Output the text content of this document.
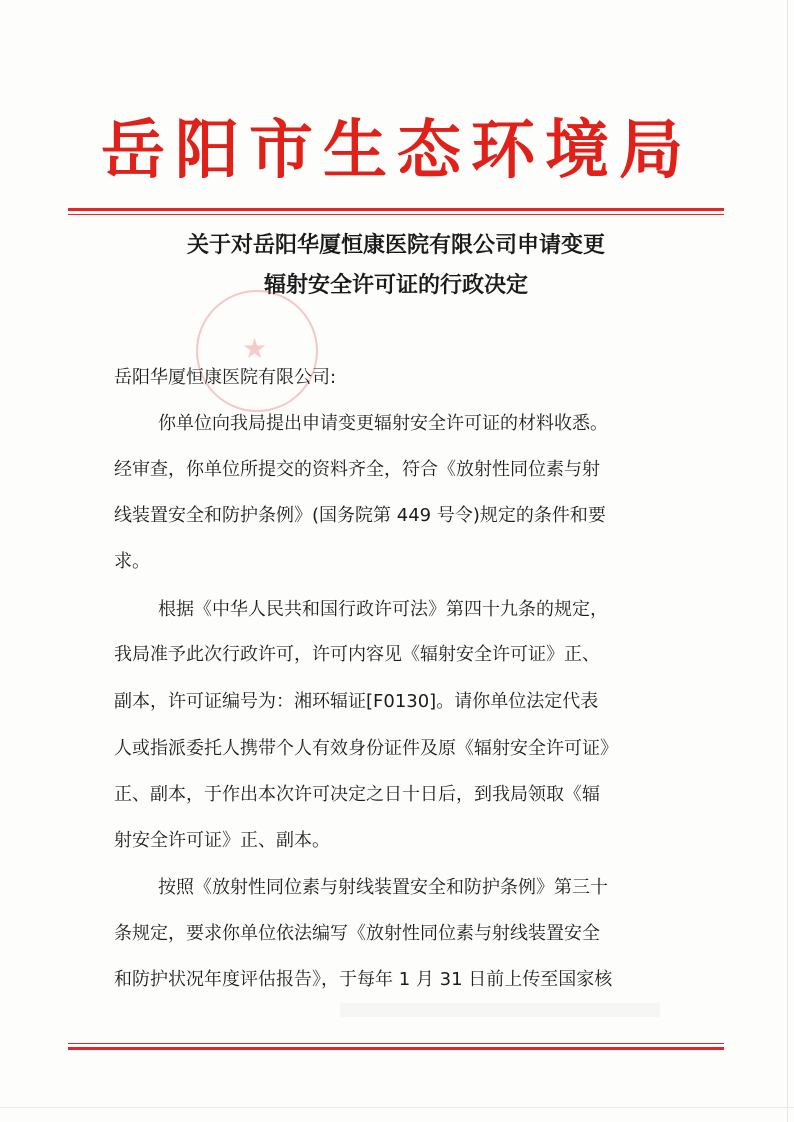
岳阳市生态环境局
关于对岳阳华厦恒康医院有限公司申请变更
辐射安全许可证的行政决定
★
岳阳华厦恒康医院有限公司:
你单位向我局提出申请变更辐射安全许可证的材料收悉。
经审查，你单位所提交的资料齐全，符合《放射性同位素与射
线装置安全和防护条例》(国务院第 449 号令)规定的条件和要
求。
根据《中华人民共和国行政许可法》第四十九条的规定，
我局准予此次行政许可，许可内容见《辐射安全许可证》正、
副本，许可证编号为：湘环辐证[F0130]。请你单位法定代表
人或指派委托人携带个人有效身份证件及原《辐射安全许可证》
正、副本，于作出本次许可决定之日十日后，到我局领取《辐
射安全许可证》正、副本。
按照《放射性同位素与射线装置安全和防护条例》第三十
条规定，要求你单位依法编写《放射性同位素与射线装置安全
和防护状况年度评估报告》，于每年 1 月 31 日前上传至国家核
